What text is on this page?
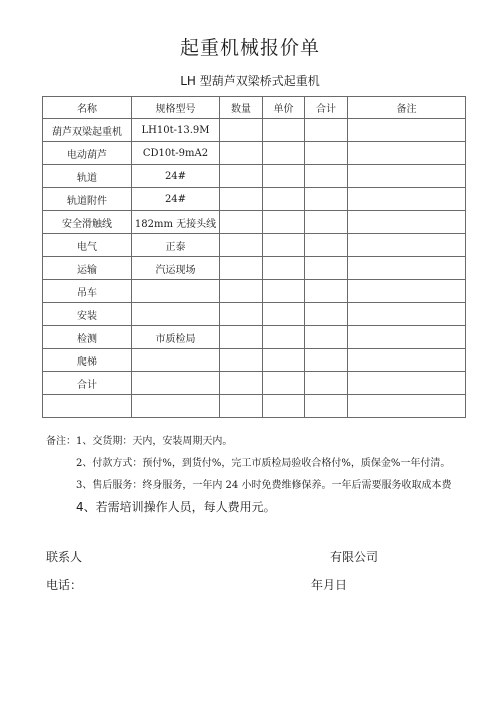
起重机械报价单
LH 型葫芦双梁桥式起重机
名称	规格型号	数量	单价	合计	备注
葫芦双梁起重机	LH10t-13.9M				
电动葫芦	CD10t-9mA2				
轨道	24#				
轨道附件	24#				
安全滑触线	182mm 无接头线				
电气	正泰				
运输	汽运现场				
吊车					
安装					
检测	市质检局				
爬梯					
合计					

备注：1、交货期：天内，安装周期天内。
2、付款方式：预付%，到货付%，完工市质检局验收合格付%，质保金%一年付清。
3、售后服务：终身服务，一年内 24 小时免费维修保养。一年后需要服务收取成本费
4、若需培训操作人员，每人费用元。
联系人	有限公司
电话：	年月日
